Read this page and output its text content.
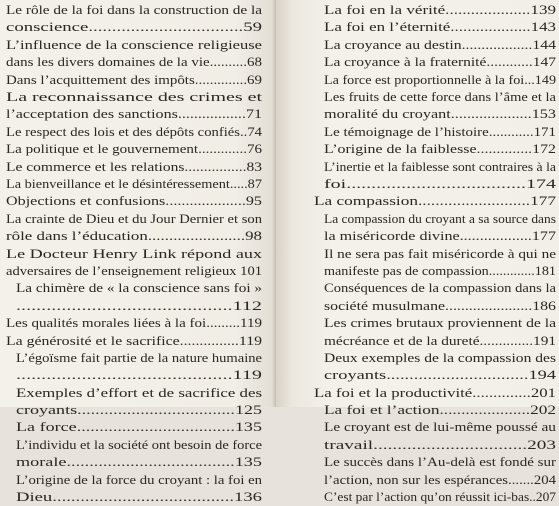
Le rôle de la foi dans la construction de la
conscience.................................59
L’influence de la conscience religieuse
dans les divers domaines de la vie..........68
Dans l’acquittement des impôts..............69
La reconnaissance des crimes et
l’acceptation des sanctions.................71
Le respect des lois et des dépôts confiés..74
La politique et le gouvernement.............76
Le commerce et les relations................83
La bienveillance et le désintéressement.....87
Objections et confusions....................95
La crainte de Dieu et du Jour Dernier et son
rôle dans l’éducation.......................98
Le Docteur Henry Link répond aux
adversaires de l’enseignement religieux 101
La chimère de « la conscience sans foi »
...........................................112
Les qualités morales liées à la foi.........119
La générosité et le sacrifice...............119
L’égoïsme fait partie de la nature humaine
...........................................119
Exemples d’effort et de sacrifice des
croyants...................................125
La force...................................135
L’individu et la société ont besoin de force
morale.....................................135
L’origine de la force du croyant : la foi en
Dieu.......................................136
La foi en la vérité....................139
La foi en l’éternité...................143
La croyance au destin..................144
La croyance à la fraternité............147
La force est proportionnelle à la foi...149
Les fruits de cette force dans l’âme et la
moralité du croyant....................153
Le témoignage de l’histoire............171
L’origine de la faiblesse..............172
L’inertie et la faiblesse sont contraires à la
foi....................................174
La compassion..........................177
La compassion du croyant a sa source dans
la miséricorde divine..................177
Il ne sera pas fait miséricorde à qui ne
manifeste pas de compassion.............181
Conséquences de la compassion dans la
société musulmane......................186
Les crimes brutaux proviennent de la
mécréance et de la dureté..............191
Deux exemples de la compassion des
croyants...............................194
La foi et la productivité..............201
La foi et l’action.....................202
Le croyant est de lui-même poussé au
travail................................203
Le succès dans l’Au-delà est fondé sur
l’action, non sur les espérances.......204
C’est par l’action qu’on réussit ici-bas..207
